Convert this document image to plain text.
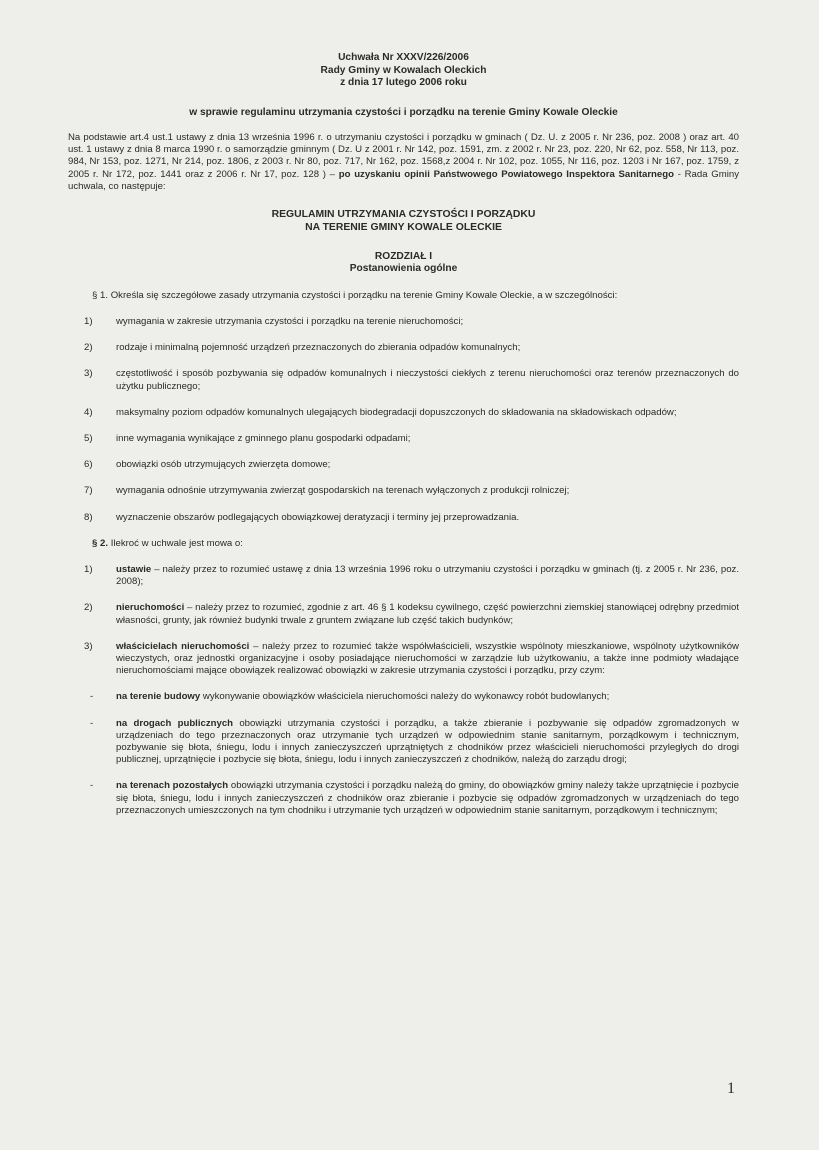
Uchwała Nr XXXV/226/2006
Rady Gminy w Kowalach Oleckich
z dnia 17 lutego 2006 roku
w sprawie regulaminu utrzymania czystości i porządku na terenie Gminy Kowale Oleckie
Na podstawie art.4 ust.1 ustawy z dnia 13 września 1996 r. o utrzymaniu czystości i porządku w gminach ( Dz. U. z 2005 r. Nr 236, poz. 2008 ) oraz art. 40 ust. 1 ustawy z dnia 8 marca 1990 r. o samorządzie gminnym ( Dz. U z 2001 r. Nr 142, poz. 1591, zm. z 2002 r. Nr 23, poz. 220, Nr 62, poz. 558, Nr 113, poz. 984, Nr 153, poz. 1271, Nr 214, poz. 1806, z 2003 r. Nr 80, poz. 717, Nr 162, poz. 1568,z 2004 r. Nr 102, poz. 1055, Nr 116, poz. 1203 i Nr 167, poz. 1759, z 2005 r. Nr 172, poz. 1441 oraz z 2006 r. Nr 17, poz. 128 ) – po uzyskaniu opinii Państwowego Powiatowego Inspektora Sanitarnego - Rada Gminy uchwala, co następuje:
REGULAMIN UTRZYMANIA CZYSTOŚCI I PORZĄDKU
NA TERENIE GMINY KOWALE OLECKIE
ROZDZIAŁ I
Postanowienia ogólne
§ 1. Określa się szczegółowe zasady utrzymania czystości i porządku na terenie Gminy Kowale Oleckie, a w szczególności:
1)	wymagania w zakresie utrzymania czystości i porządku na terenie nieruchomości;
2)	rodzaje i minimalną pojemność urządzeń przeznaczonych do zbierania odpadów komunalnych;
3)	częstotliwość i sposób pozbywania się odpadów komunalnych i nieczystości ciekłych z terenu nieruchomości oraz terenów przeznaczonych do użytku publicznego;
4)	maksymalny poziom odpadów komunalnych ulegających biodegradacji dopuszczonych do składowania na składowiskach odpadów;
5)	inne wymagania wynikające z gminnego planu gospodarki odpadami;
6)	obowiązki osób utrzymujących zwierzęta domowe;
7)	wymagania odnośnie utrzymywania zwierząt gospodarskich na terenach wyłączonych z produkcji rolniczej;
8)	wyznaczenie obszarów podlegających obowiązkowej deratyzacji i terminy jej przeprowadzania.
§ 2. Ilekroć w uchwale jest mowa o:
1)	ustawie – należy przez to rozumieć ustawę z dnia 13 września 1996 roku o utrzymaniu czystości i porządku w gminach (tj. z 2005 r. Nr 236, poz. 2008);
2)	nieruchomości – należy przez to rozumieć, zgodnie z art. 46 § 1 kodeksu cywilnego, część powierzchni ziemskiej stanowiącej odrębny przedmiot własności, grunty, jak również budynki trwale z gruntem związane lub część takich budynków;
3)	właścicielach nieruchomości – należy przez to rozumieć także współwłaścicieli, wszystkie wspólnoty mieszkaniowe, wspólnoty użytkowników wieczystych, oraz jednostki organizacyjne i osoby posiadające nieruchomości w zarządzie lub użytkowaniu, a także inne podmioty władające nieruchomościami mające obowiązek realizować obowiązki w zakresie utrzymania czystości i porządku, przy czym:
-	na terenie budowy wykonywanie obowiązków właściciela nieruchomości należy do wykonawcy robót budowlanych;
-	na drogach publicznych obowiązki utrzymania czystości i porządku, a także zbieranie i pozbywanie się odpadów zgromadzonych w urządzeniach do tego przeznaczonych oraz utrzymanie tych urządzeń w odpowiednim stanie sanitarnym, porządkowym i technicznym, pozbywanie się błota, śniegu, lodu i innych zanieczyszczeń uprzątniętych z chodników przez właścicieli nieruchomości przyległych do drogi publicznej, uprzątnięcie i pozbycie się błota, śniegu, lodu i innych zanieczyszczeń z chodników, należą do zarządu drogi;
-	na terenach pozostałych obowiązki utrzymania czystości i porządku należą do gminy, do obowiązków gminy należy także uprzątnięcie i pozbycie się błota, śniegu, lodu i innych zanieczyszczeń z chodników oraz zbieranie i pozbycie się odpadów zgromadzonych w urządzeniach do tego przeznaczonych umieszczonych na tym chodniku i utrzymanie tych urządzeń w odpowiednim stanie sanitarnym, porządkowym i technicznym;
1
